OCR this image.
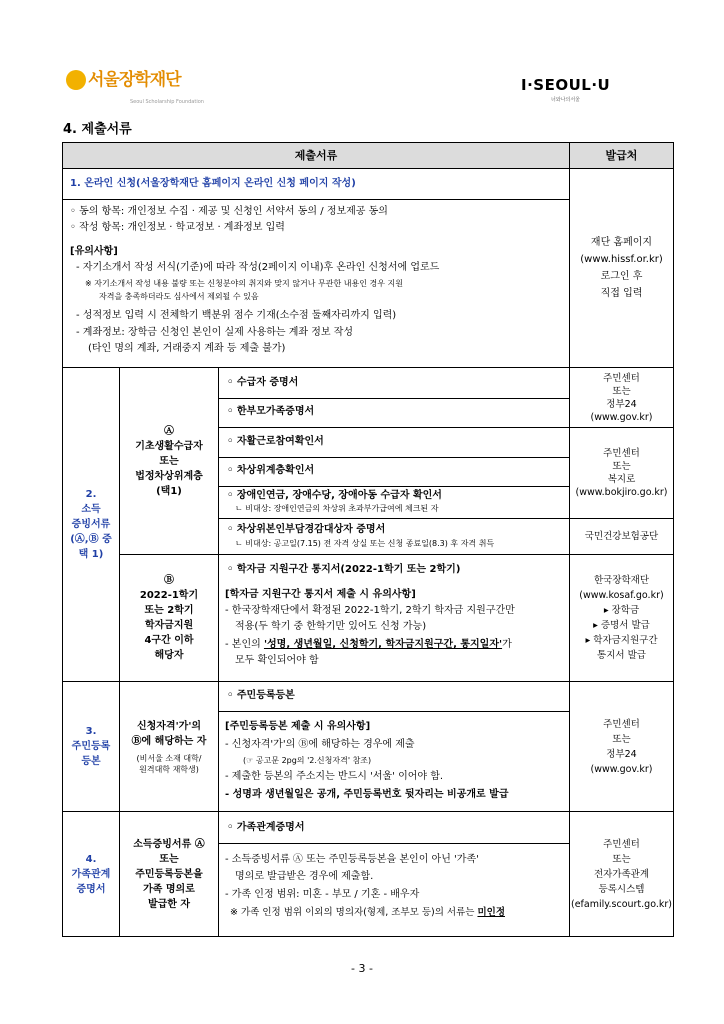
서울장학재단
Seoul Scholarship Foundation
I·SEOUL·U
너와나의서울
4. 제출서류
제출서류	발급처
1. 온라인 신청(서울장학재단 홈페이지 온라인 신청 페이지 작성)
◦ 동의 항목: 개인정보 수집 · 제공 및 신청인 서약서 동의 / 정보제공 동의
◦ 작성 항목: 개인정보 · 학교정보 · 계좌정보 입력
[유의사항]
- 자기소개서 작성 서식(기준)에 따라 작성(2페이지 이내)후 온라인 신청서에 업로드
※ 자기소개서 작성 내용 불량 또는 신청분야의 취지와 맞지 않거나 무관한 내용인 경우 지원
자격을 충족하더라도 심사에서 제외될 수 있음
- 성적정보 입력 시 전체학기 백분위 점수 기재(소수점 둘째자리까지 입력)
- 계좌정보: 장학금 신청인 본인이 실제 사용하는 계좌 정보 작성
(타인 명의 계좌, 거래중지 계좌 등 제출 불가)
재단 홈페이지
(www.hissf.or.kr)
로그인 후
직접 입력
2.
소득
증빙서류
(Ⓐ,Ⓑ 중
택 1)
Ⓐ
기초생활수급자
또는
법정차상위계층
(택1)
◦ 수급자 증명서
◦ 한부모가족증명서
◦ 자활근로참여확인서
◦ 차상위계층확인서
◦ 장애인연금, 장애수당, 장애아동 수급자 확인서
ㄴ 비대상: 장애인연금의 차상위 초과부가급여에 체크된 자
◦ 차상위본인부담경감대상자 증명서
ㄴ 비대상: 공고일(7.15) 전 자격 상실 또는 신청 종료일(8.3) 후 자격 취득
주민센터
또는
정부24
(www.gov.kr)
주민센터
또는
복지로
(www.bokjiro.go.kr)
국민건강보험공단
Ⓑ
2022-1학기
또는 2학기
학자금지원
4구간 이하
해당자
◦ 학자금 지원구간 통지서(2022-1학기 또는 2학기)
[학자금 지원구간 통지서 제출 시 유의사항]
- 한국장학재단에서 확정된 2022-1학기, 2학기 학자금 지원구간만
적용(두 학기 중 한학기만 있어도 신청 가능)
- 본인의 '성명, 생년월일, 신청학기, 학자금지원구간, 통지일자'가
모두 확인되어야 함
한국장학재단
(www.kosaf.go.kr)
▸ 장학금
▸ 증명서 발급
▸ 학자금지원구간
통지서 발급
3.
주민등록
등본
신청자격'가'의
Ⓑ에 해당하는 자
(비서울 소재 대학/
원격대학 재학생)
◦ 주민등록등본
[주민등록등본 제출 시 유의사항]
- 신청자격'가'의 Ⓑ에 해당하는 경우에 제출
(☞ 공고문 2pg의 '2.신청자격' 참조)
- 제출한 등본의 주소지는 반드시 '서울' 이어야 함.
- 성명과 생년월일은 공개, 주민등록번호 뒷자리는 비공개로 발급
주민센터
또는
정부24
(www.gov.kr)
4.
가족관계
증명서
소득증빙서류 Ⓐ
또는
주민등록등본을
가족 명의로
발급한 자
◦ 가족관계증명서
- 소득증빙서류 Ⓐ 또는 주민등록등본을 본인이 아닌 '가족'
명의로 발급받은 경우에 제출함.
- 가족 인정 범위: 미혼 - 부모 / 기혼 - 배우자
※ 가족 인정 범위 이외의 명의자(형제, 조부모 등)의 서류는 미인정
주민센터
또는
전자가족관계
등록시스템
(efamily.scourt.go.kr)
- 3 -
